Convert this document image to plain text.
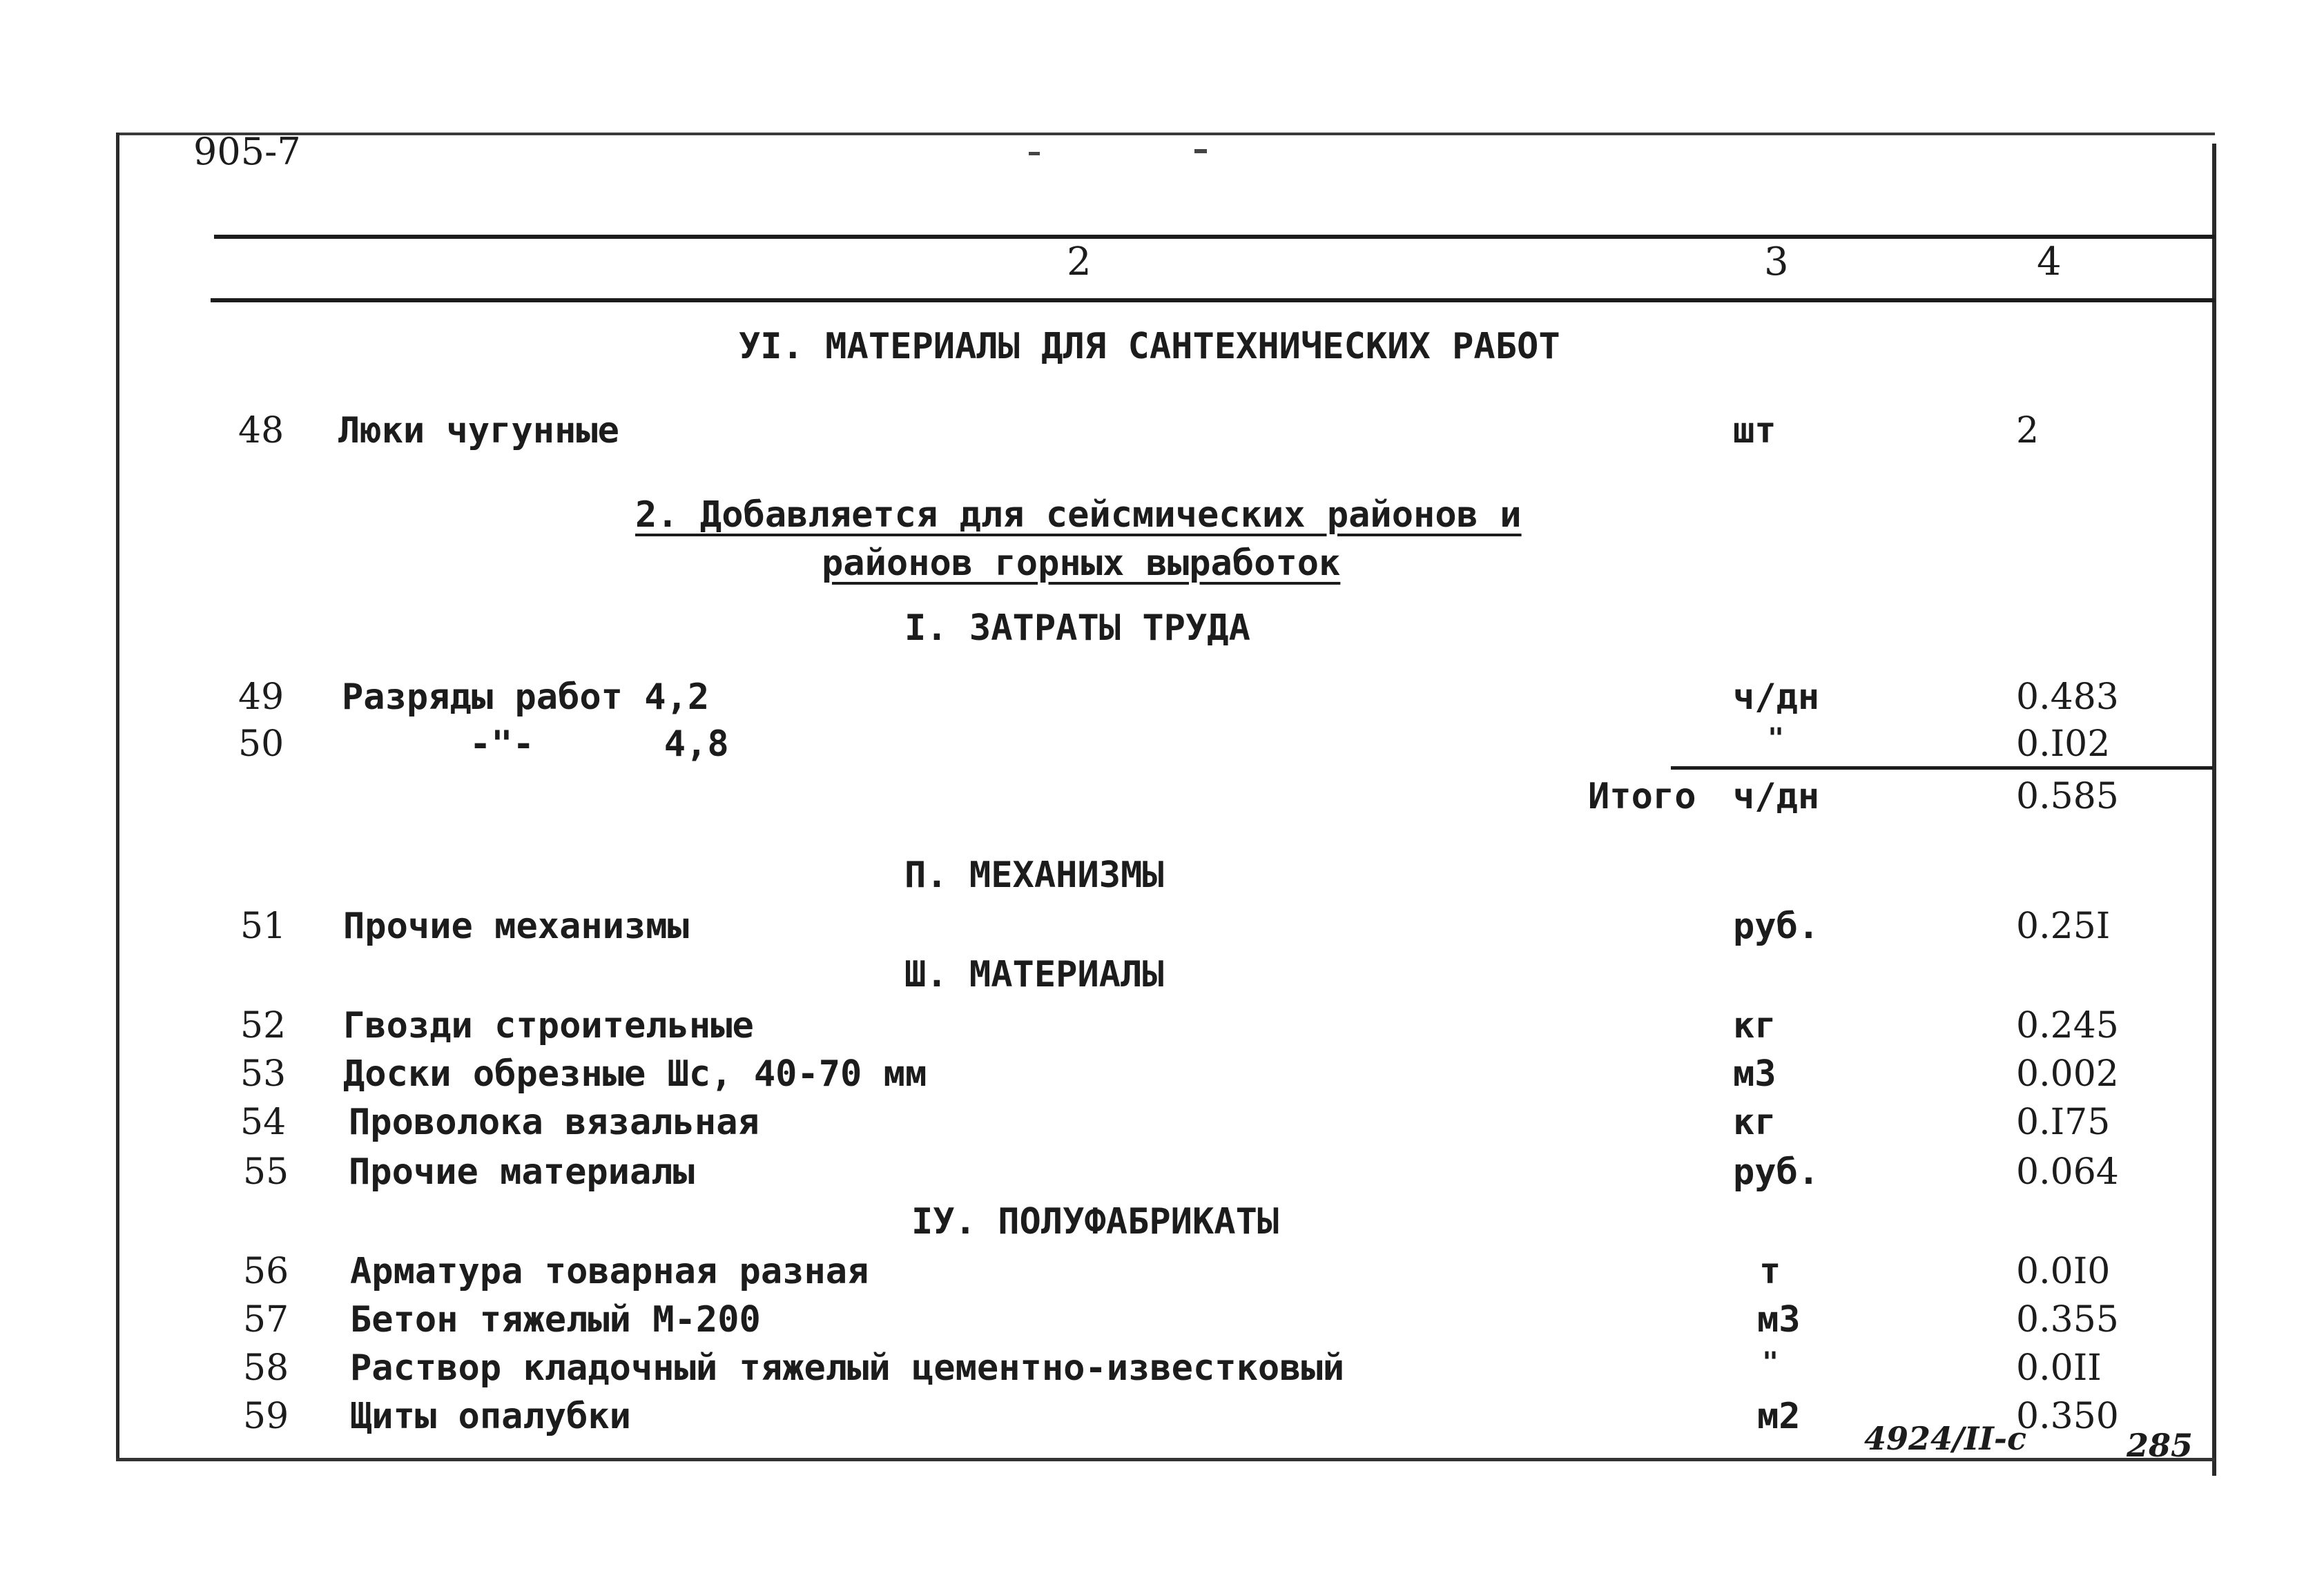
905-7
2	3	4
УI. МАТЕРИАЛЫ ДЛЯ САНТЕХНИЧЕСКИХ РАБОТ
48 Люки чугунные	шт	2
2. Добавляется для сейсмических районов и
районов горных выработок
I. ЗАТРАТЫ ТРУДА
49 Разряды работ 4,2	ч/дн	0.483
50	-"-      4,8	"	0.I02
Итого ч/дн	0.585
П. МЕХАНИЗМЫ
51 Прочие механизмы	руб.	0.25I
Ш. МАТЕРИАЛЫ
52 Гвозди строительные	кг	0.245
53 Доски обрезные Шс, 40-70 мм	м3	0.002
54 Проволока вязальная	кг	0.I75
55 Прочие материалы	руб.	0.064
IУ. ПОЛУФАБРИКАТЫ
56 Арматура товарная разная	т	0.0I0
57 Бетон тяжелый М-200	м3	0.355
58 Раствор кладочный тяжелый цементно-известковый	"	0.0II
59 Щиты опалубки	м2	0.350
4924/II-c	285
